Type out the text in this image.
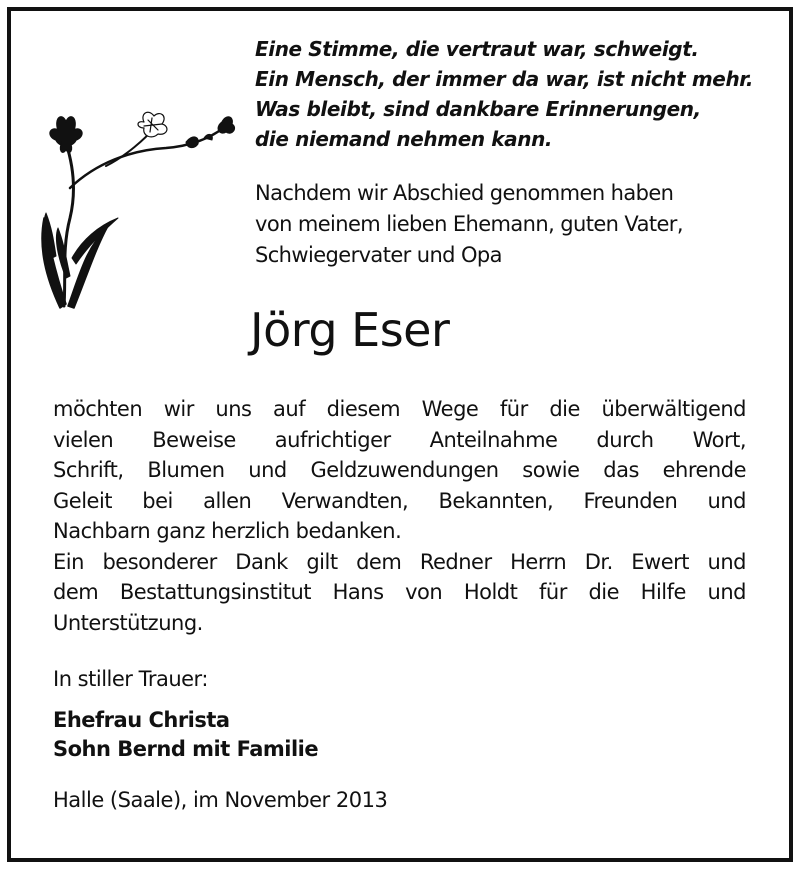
Eine Stimme, die vertraut war, schweigt.
Ein Mensch, der immer da war, ist nicht mehr.
Was bleibt, sind dankbare Erinnerungen,
die niemand nehmen kann.
Nachdem wir Abschied genommen haben
von meinem lieben Ehemann, guten Vater,
Schwiegervater und Opa
Jörg Eser
möchten wir uns auf diesem Wege für die überwältigend
vielen Beweise aufrichtiger Anteilnahme durch Wort,
Schrift, Blumen und Geldzuwendungen sowie das ehrende
Geleit bei allen Verwandten, Bekannten, Freunden und
Nachbarn ganz herzlich bedanken.
Ein besonderer Dank gilt dem Redner Herrn Dr. Ewert und
dem Bestattungsinstitut Hans von Holdt für die Hilfe und
Unterstützung.
In stiller Trauer:
Ehefrau Christa
Sohn Bernd mit Familie
Halle (Saale), im November 2013
